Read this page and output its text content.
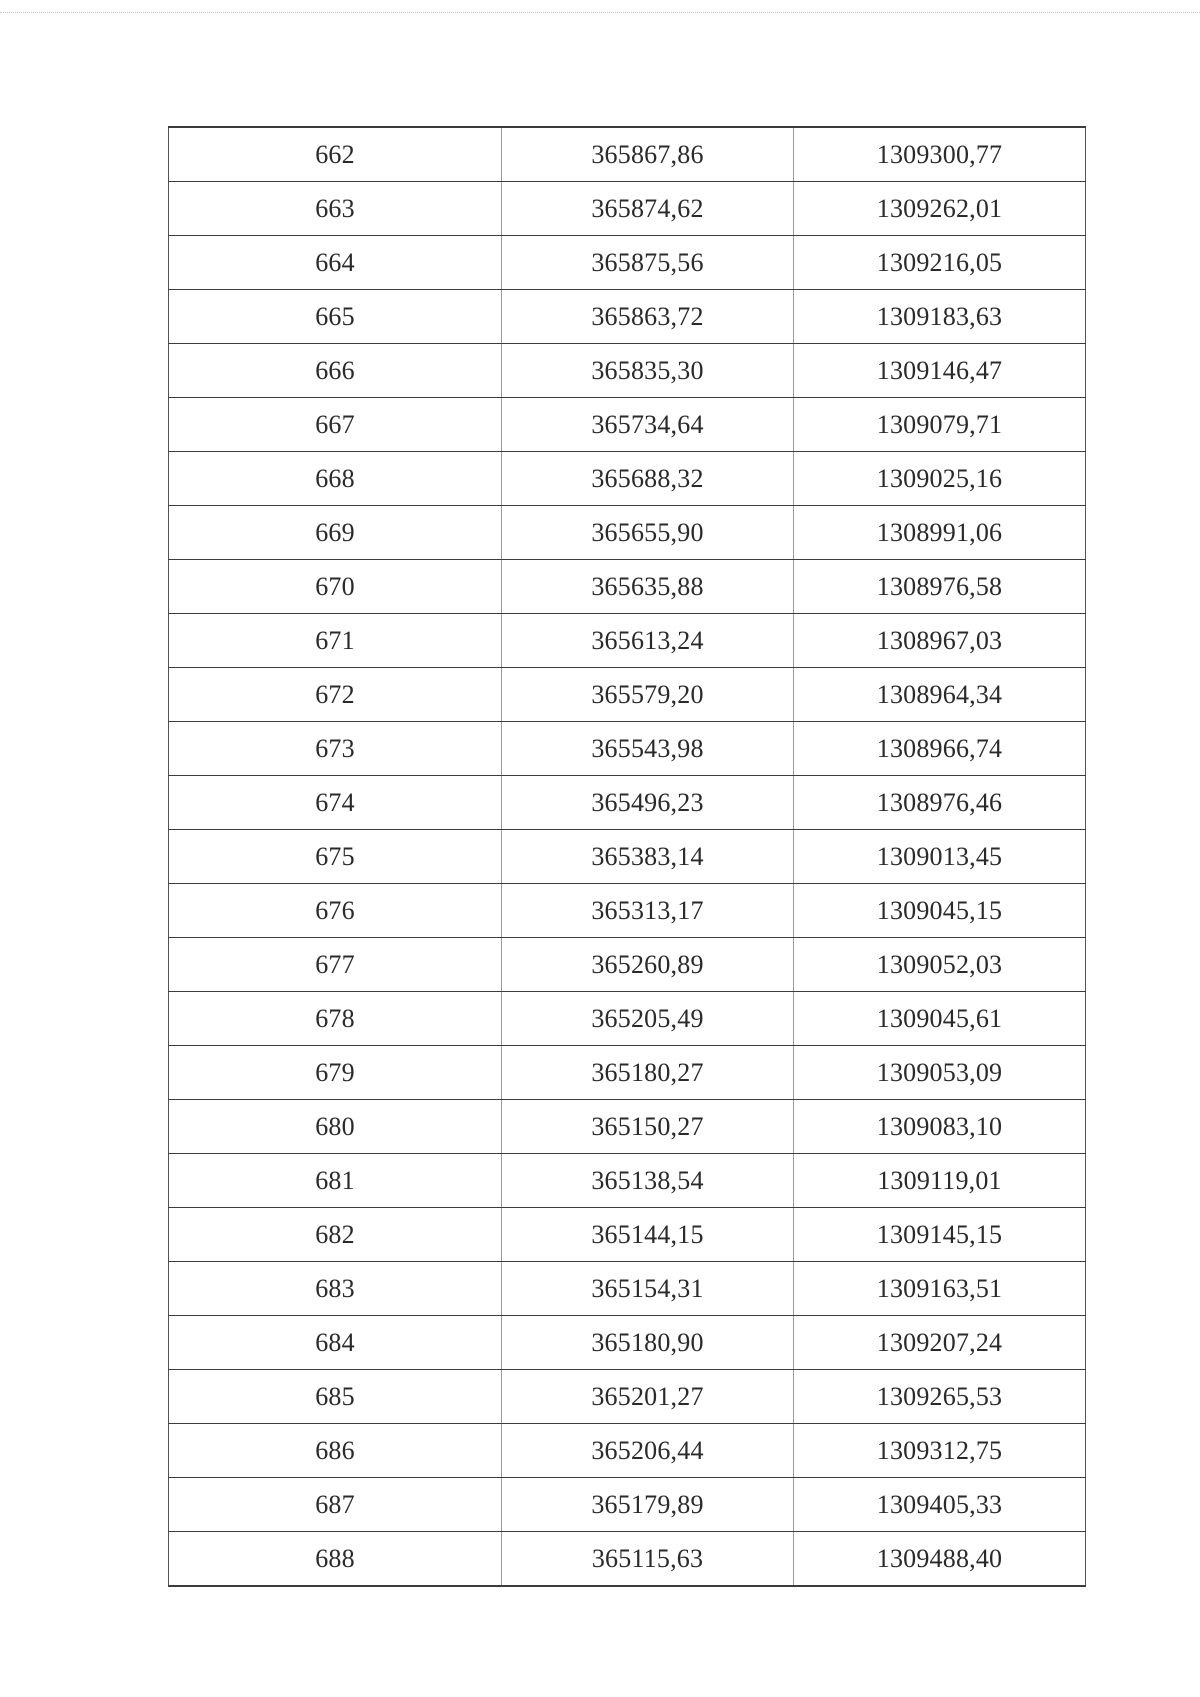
662	365867,86	1309300,77
663	365874,62	1309262,01
664	365875,56	1309216,05
665	365863,72	1309183,63
666	365835,30	1309146,47
667	365734,64	1309079,71
668	365688,32	1309025,16
669	365655,90	1308991,06
670	365635,88	1308976,58
671	365613,24	1308967,03
672	365579,20	1308964,34
673	365543,98	1308966,74
674	365496,23	1308976,46
675	365383,14	1309013,45
676	365313,17	1309045,15
677	365260,89	1309052,03
678	365205,49	1309045,61
679	365180,27	1309053,09
680	365150,27	1309083,10
681	365138,54	1309119,01
682	365144,15	1309145,15
683	365154,31	1309163,51
684	365180,90	1309207,24
685	365201,27	1309265,53
686	365206,44	1309312,75
687	365179,89	1309405,33
688	365115,63	1309488,40
